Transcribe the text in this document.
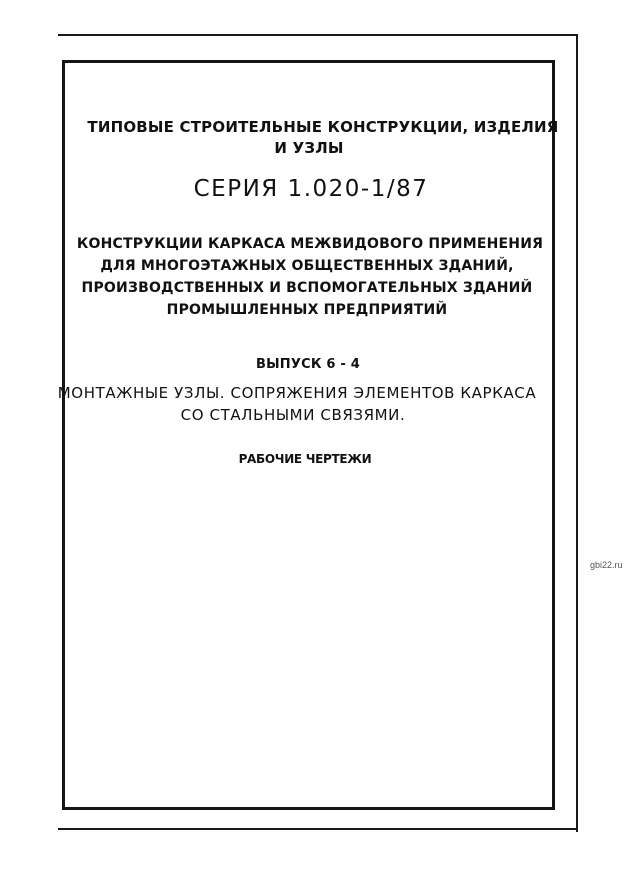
ТИПОВЫЕ СТРОИТЕЛЬНЫЕ КОНСТРУКЦИИ, ИЗДЕЛИЯ
И УЗЛЫ
СЕРИЯ 1.020-1/87
КОНСТРУКЦИИ КАРКАСА МЕЖВИДОВОГО ПРИМЕНЕНИЯ
ДЛЯ МНОГОЭТАЖНЫХ ОБЩЕСТВЕННЫХ ЗДАНИЙ,
ПРОИЗВОДСТВЕННЫХ И ВСПОМОГАТЕЛЬНЫХ ЗДАНИЙ
ПРОМЫШЛЕННЫХ ПРЕДПРИЯТИЙ
ВЫПУСК 6 - 4
МОНТАЖНЫЕ УЗЛЫ. СОПРЯЖЕНИЯ ЭЛЕМЕНТОВ КАРКАСА
СО СТАЛЬНЫМИ СВЯЗЯМИ.
РАБОЧИЕ ЧЕРТЕЖИ
gbi22.ru
